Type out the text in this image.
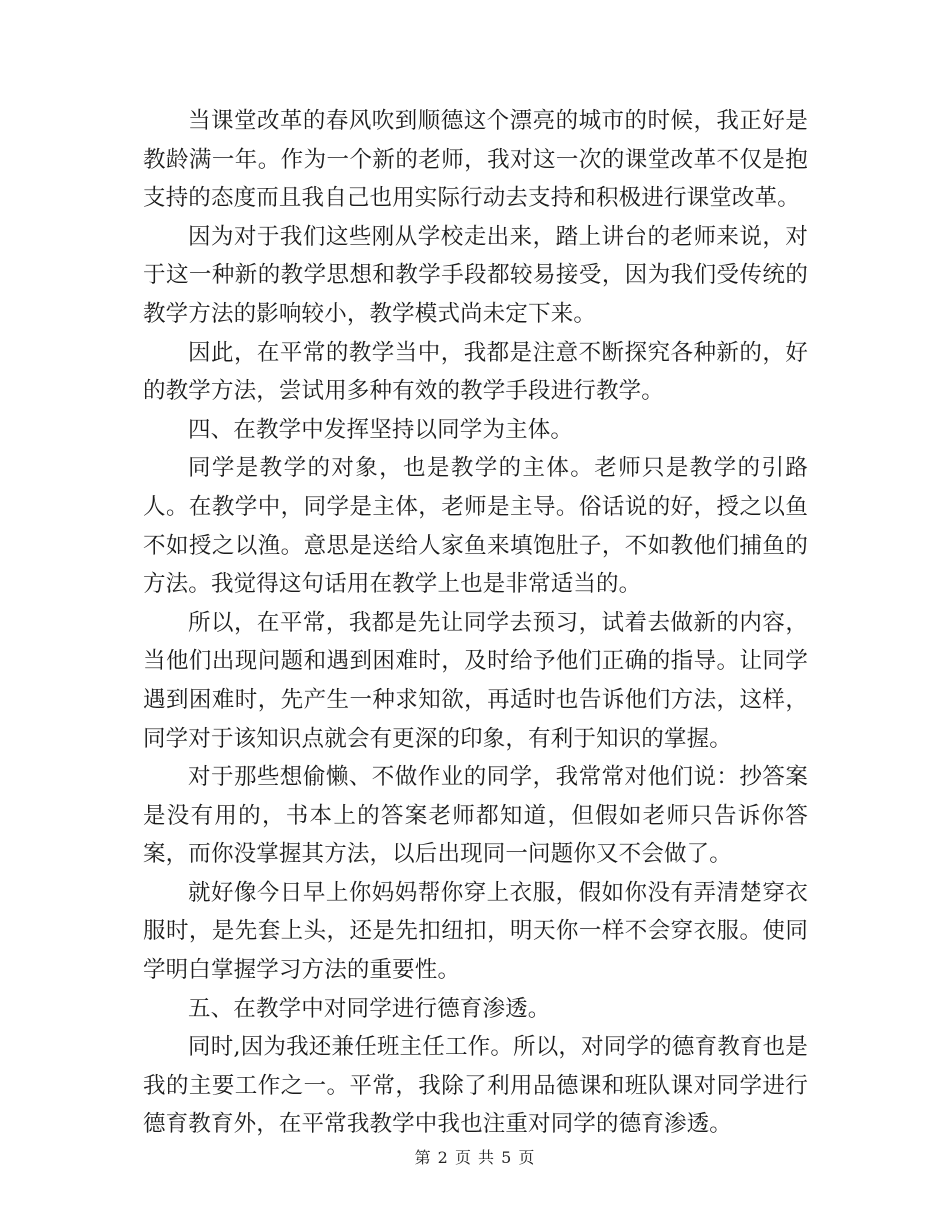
当课堂改革的春风吹到顺德这个漂亮的城市的时候，我正好是教龄满一年。作为一个新的老师，我对这一次的课堂改革不仅是抱支持的态度而且我自己也用实际行动去支持和积极进行课堂改革。

因为对于我们这些刚从学校走出来，踏上讲台的老师来说，对于这一种新的教学思想和教学手段都较易接受，因为我们受传统的教学方法的影响较小，教学模式尚未定下来。

因此，在平常的教学当中，我都是注意不断探究各种新的，好的教学方法，尝试用多种有效的教学手段进行教学。

四、在教学中发挥坚持以同学为主体。

同学是教学的对象，也是教学的主体。老师只是教学的引路人。在教学中，同学是主体，老师是主导。俗话说的好，授之以鱼不如授之以渔。意思是送给人家鱼来填饱肚子，不如教他们捕鱼的方法。我觉得这句话用在教学上也是非常适当的。

所以，在平常，我都是先让同学去预习，试着去做新的内容，当他们出现问题和遇到困难时，及时给予他们正确的指导。让同学遇到困难时，先产生一种求知欲，再适时也告诉他们方法，这样，同学对于该知识点就会有更深的印象，有利于知识的掌握。

对于那些想偷懒、不做作业的同学，我常常对他们说：抄答案是没有用的，书本上的答案老师都知道，但假如老师只告诉你答案，而你没掌握其方法，以后出现同一问题你又不会做了。

就好像今日早上你妈妈帮你穿上衣服，假如你没有弄清楚穿衣服时，是先套上头，还是先扣纽扣，明天你一样不会穿衣服。使同学明白掌握学习方法的重要性。

五、在教学中对同学进行德育渗透。

同时,因为我还兼任班主任工作。所以，对同学的德育教育也是我的主要工作之一。平常，我除了利用品德课和班队课对同学进行德育教育外，在平常我教学中我也注重对同学的德育渗透。

第 2 页 共 5 页
